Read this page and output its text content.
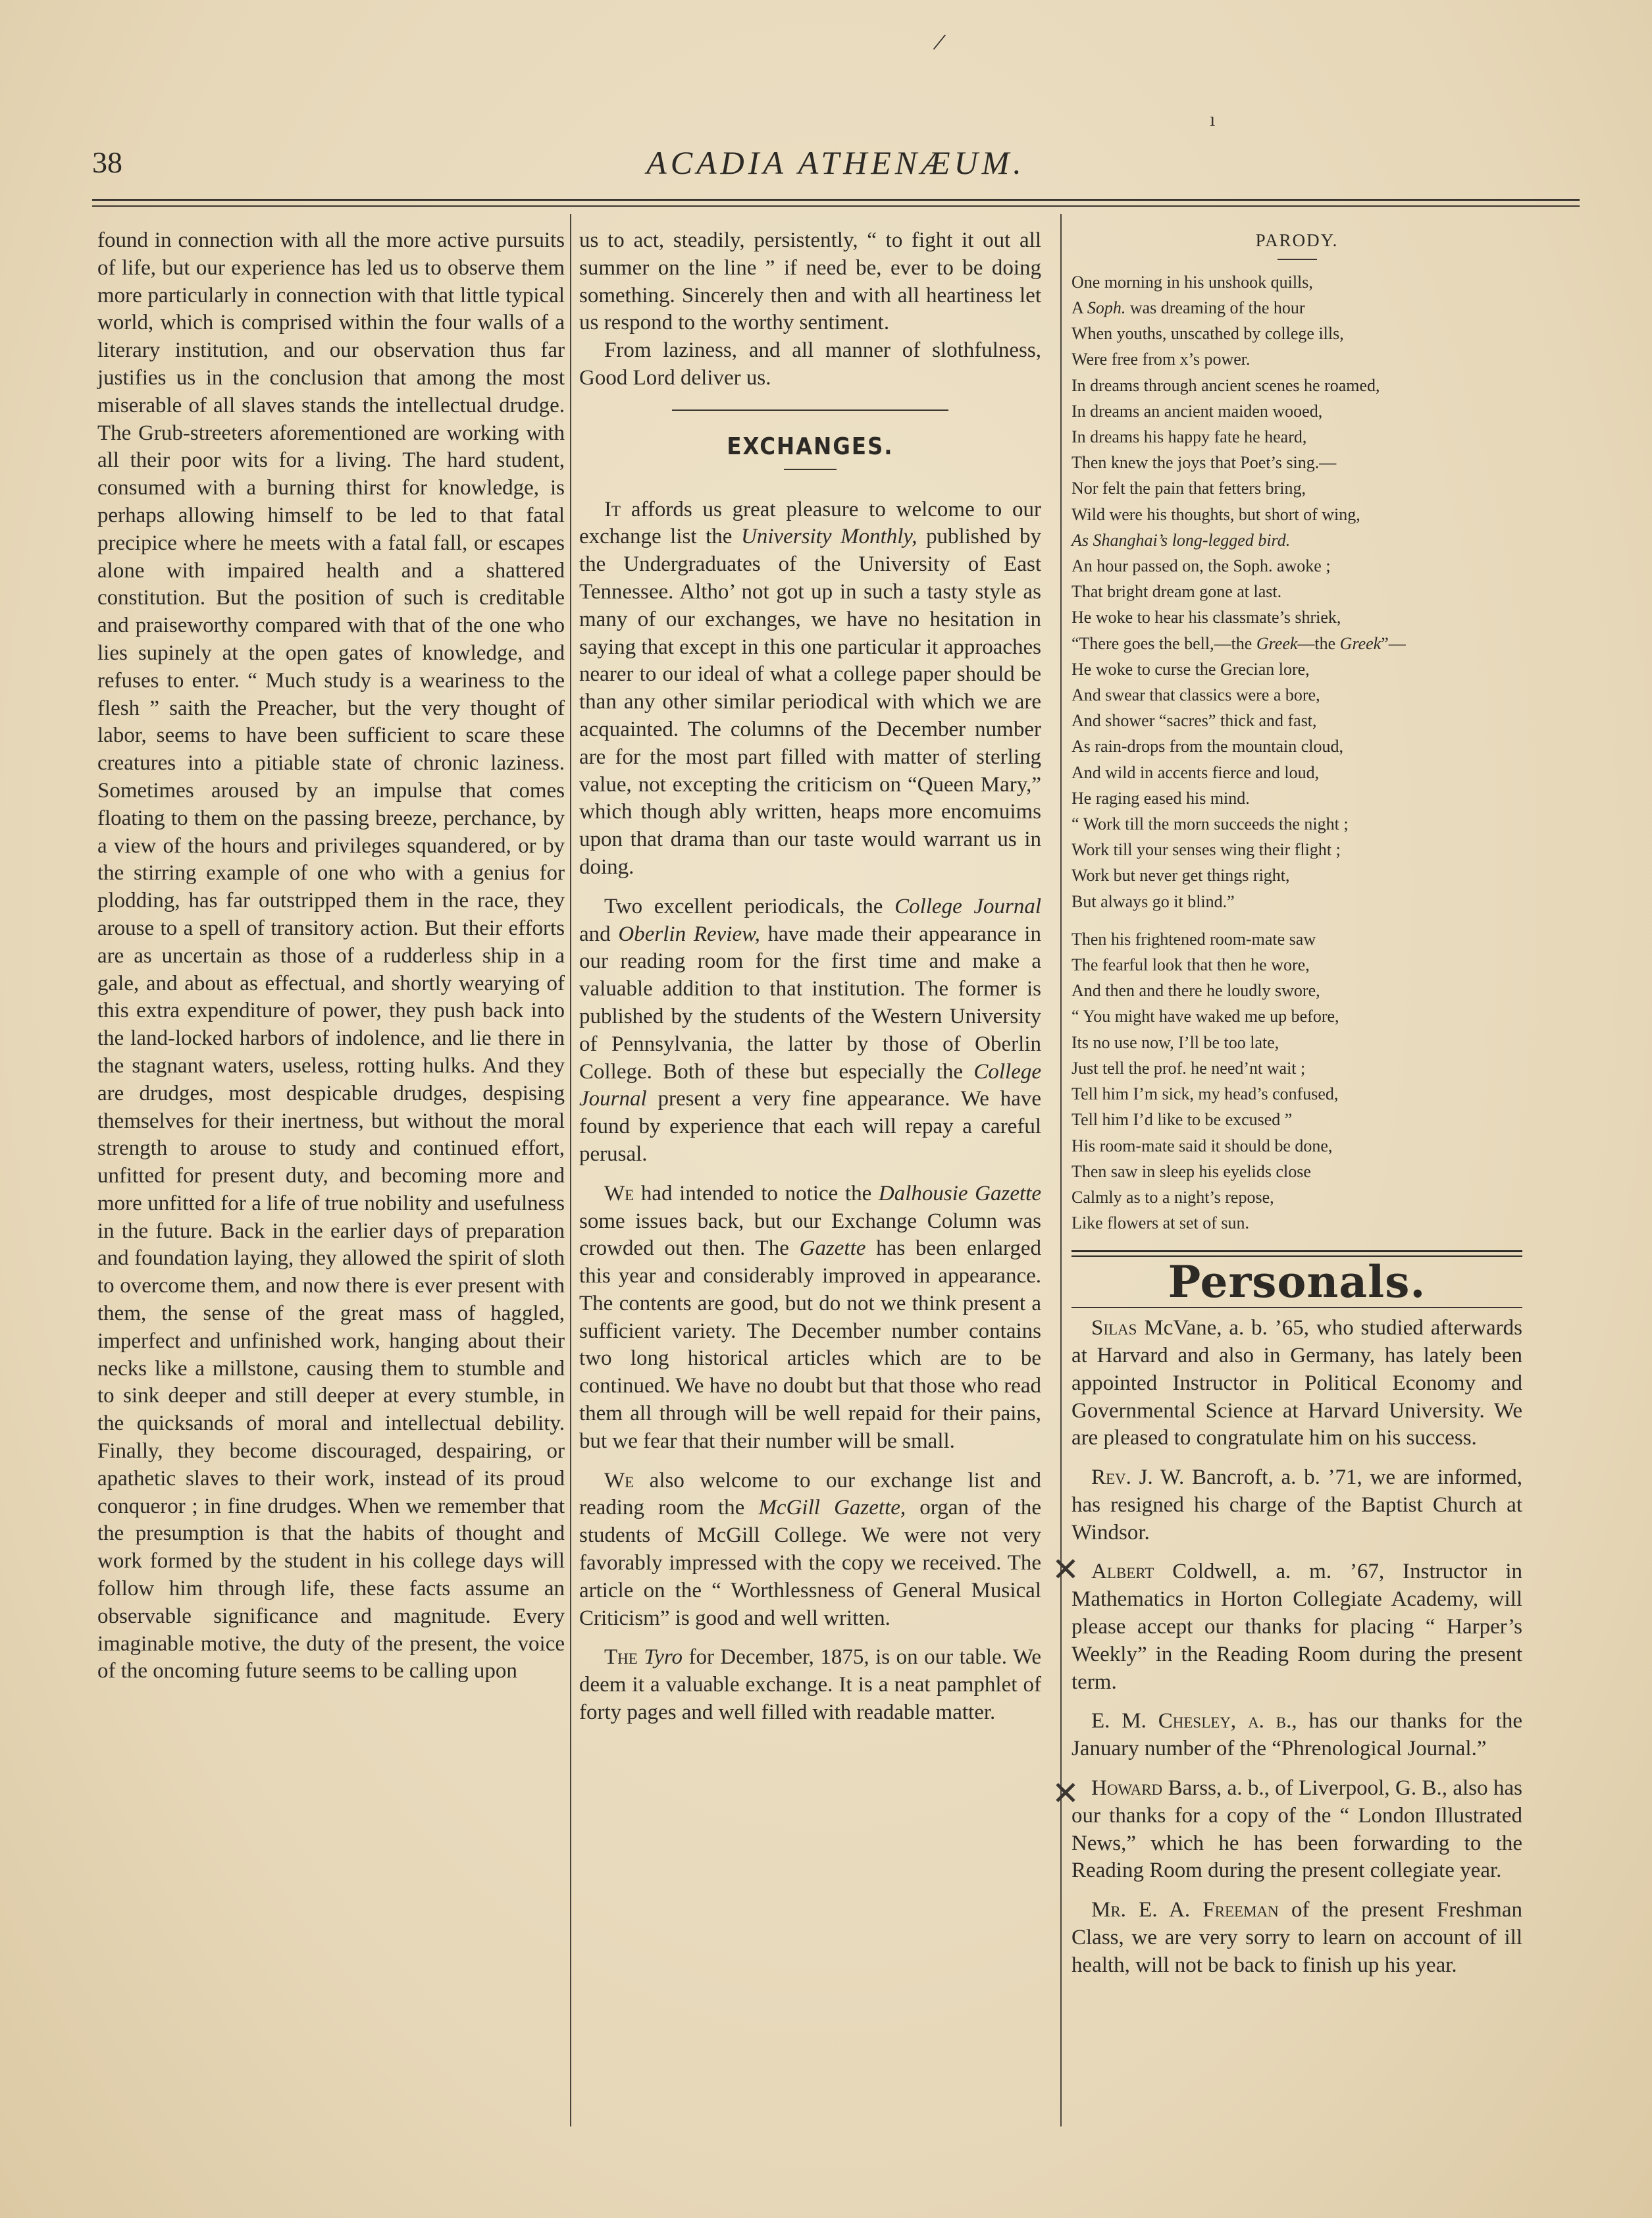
38	ACADIA ATHENÆUM.

found in connection with all the more active pursuits of life, but our experience has led us to observe them more particularly in connection with that little typical world, which is comprised within the four walls of a literary institution, and our observation thus far justifies us in the conclusion that among the most miserable of all slaves stands the intellectual drudge. The Grub-streeters aforementioned are working with all their poor wits for a living. The hard student, consumed with a burning thirst for knowledge, is perhaps allowing himself to be led to that fatal precipice where he meets with a fatal fall, or escapes alone with impaired health and a shattered constitution. But the position of such is creditable and praiseworthy compared with that of the one who lies supinely at the open gates of knowledge, and refuses to enter. “ Much study is a weariness to the flesh ” saith the Preacher, but the very thought of labor, seems to have been sufficient to scare these creatures into a pitiable state of chronic laziness. Sometimes aroused by an impulse that comes floating to them on the passing breeze, perchance, by a view of the hours and privileges squandered, or by the stirring example of one who with a genius for plodding, has far outstripped them in the race, they arouse to a spell of transitory action. But their efforts are as uncertain as those of a rudderless ship in a gale, and about as effectual, and shortly wearying of this extra expenditure of power, they push back into the land-locked harbors of indolence, and lie there in the stagnant waters, useless, rotting hulks. And they are drudges, most despicable drudges, despising themselves for their inertness, but without the moral strength to arouse to study and continued effort, unfitted for present duty, and becoming more and more unfitted for a life of true nobility and usefulness in the future. Back in the earlier days of preparation and foundation laying, they allowed the spirit of sloth to overcome them, and now there is ever present with them, the sense of the great mass of haggled, imperfect and unfinished work, hanging about their necks like a millstone, causing them to stumble and to sink deeper and still deeper at every stumble, in the quicksands of moral and intellectual debility. Finally, they become discouraged, despairing, or apathetic slaves to their work, instead of its proud conqueror ; in fine drudges. When we remember that the presumption is that the habits of thought and work formed by the student in his college days will follow him through life, these facts assume an observable significance and magnitude. Every imaginable motive, the duty of the present, the voice of the oncoming future seems to be calling upon

us to act, steadily, persistently, “ to fight it out all summer on the line ” if need be, ever to be doing something. Sincerely then and with all heartiness let us respond to the worthy sentiment.

From laziness, and all manner of slothfulness, Good Lord deliver us.

EXCHANGES.

It affords us great pleasure to welcome to our exchange list the University Monthly, published by the Undergraduates of the University of East Tennessee. Altho’ not got up in such a tasty style as many of our exchanges, we have no hesitation in saying that except in this one particular it approaches nearer to our ideal of what a college paper should be than any other similar periodical with which we are acquainted. The columns of the December number are for the most part filled with matter of sterling value, not excepting the criticism on “Queen Mary,” which though ably written, heaps more encomuims upon that drama than our taste would warrant us in doing.

Two excellent periodicals, the College Journal and Oberlin Review, have made their appearance in our reading room for the first time and make a valuable addition to that institution. The former is published by the students of the Western University of Pennsylvania, the latter by those of Oberlin College. Both of these but especially the College Journal present a very fine appearance. We have found by experience that each will repay a careful perusal.

We had intended to notice the Dalhousie Gazette some issues back, but our Exchange Column was crowded out then. The Gazette has been enlarged this year and considerably improved in appearance. The contents are good, but do not we think present a sufficient variety. The December number contains two long historical articles which are to be continued. We have no doubt but that those who read them all through will be well repaid for their pains, but we fear that their number will be small.

We also welcome to our exchange list and reading room the McGill Gazette, organ of the students of McGill College. We were not very favorably impressed with the copy we received. The article on the “ Worthlessness of General Musical Criticism” is good and well written.

The Tyro for December, 1875, is on our table. We deem it a valuable exchange. It is a neat pamphlet of forty pages and well filled with readable matter.

PARODY.
One morning in his unshook quills,
A Soph. was dreaming of the hour
When youths, unscathed by college ills,
Were free from x’s power.
In dreams through ancient scenes he roamed,
In dreams an ancient maiden wooed,
In dreams his happy fate he heard,
Then knew the joys that Poet’s sing.—
Nor felt the pain that fetters bring,
Wild were his thoughts, but short of wing,
As Shanghai’s long-legged bird.
An hour passed on, the Soph. awoke ;
That bright dream gone at last.
He woke to hear his classmate’s shriek,
“There goes the bell,—the Greek—the Greek”—
He woke to curse the Grecian lore,
And swear that classics were a bore,
And shower “sacres” thick and fast,
As rain-drops from the mountain cloud,
And wild in accents fierce and loud,
He raging eased his mind.
“ Work till the morn succeeds the night ;
Work till your senses wing their flight ;
Work but never get things right,
But always go it blind.”
Then his frightened room-mate saw
The fearful look that then he wore,
And then and there he loudly swore,
“ You might have waked me up before,
Its no use now, I’ll be too late,
Just tell the prof. he need’nt wait ;
Tell him I’m sick, my head’s confused,
Tell him I’d like to be excused ”
His room-mate said it should be done,
Then saw in sleep his eyelids close
Calmly as to a night’s repose,
Like flowers at set of sun.
Personals.

Silas McVane, a. b. ’65, who studied afterwards at Harvard and also in Germany, has lately been appointed Instructor in Political Economy and Governmental Science at Harvard University. We are pleased to congratulate him on his success.

Rev. J. W. Bancroft, a. b. ’71, we are informed, has resigned his charge of the Baptist Church at Windsor.

Albert Coldwell, a. m. ’67, Instructor in Mathematics in Horton Collegiate Academy, will please accept our thanks for placing “ Harper’s Weekly” in the Reading Room during the present term.

E. M. Chesley, a. b., has our thanks for the January number of the “Phrenological Journal.”

Howard Barss, a. b., of Liverpool, G. B., also has our thanks for a copy of the “ London Illustrated News,” which he has been forwarding to the Reading Room during the present collegiate year.

Mr. E. A. Freeman of the present Freshman Class, we are very sorry to learn on account of ill health, will not be back to finish up his year.

/
ı
✕
✕
